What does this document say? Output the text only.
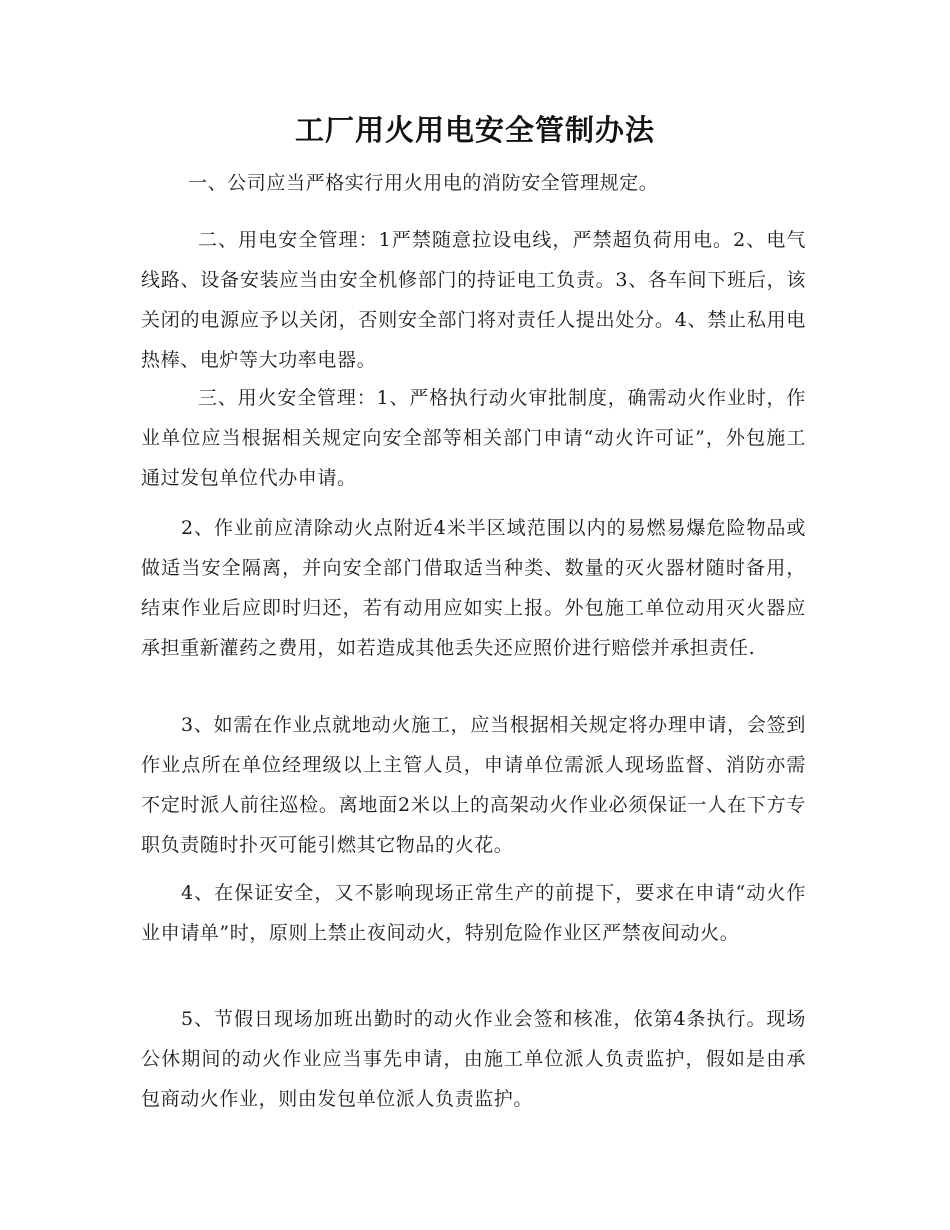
工厂用火用电安全管制办法

一、公司应当严格实行用火用电的消防安全管理规定。

二、用电安全管理：1严禁随意拉设电线，严禁超负荷用电。2、电气线路、设备安装应当由安全机修部门的持证电工负责。3、各车间下班后，该关闭的电源应予以关闭，否则安全部门将对责任人提出处分。4、禁止私用电热棒、电炉等大功率电器。

三、用火安全管理：1、严格执行动火审批制度，确需动火作业时，作业单位应当根据相关规定向安全部等相关部门申请“动火许可证”，外包施工通过发包单位代办申请。

2、作业前应清除动火点附近4米半区域范围以内的易燃易爆危险物品或做适当安全隔离，并向安全部门借取适当种类、数量的灭火器材随时备用，结束作业后应即时归还，若有动用应如实上报。外包施工单位动用灭火器应承担重新灌药之费用，如若造成其他丢失还应照价进行赔偿并承担责任.

3、如需在作业点就地动火施工，应当根据相关规定将办理申请，会签到作业点所在单位经理级以上主管人员，申请单位需派人现场监督、消防亦需不定时派人前往巡检。离地面2米以上的高架动火作业必须保证一人在下方专职负责随时扑灭可能引燃其它物品的火花。

4、在保证安全，又不影响现场正常生产的前提下，要求在申请“动火作业申请单”时，原则上禁止夜间动火，特别危险作业区严禁夜间动火。

5、节假日现场加班出勤时的动火作业会签和核准，依第4条执行。现场公休期间的动火作业应当事先申请，由施工单位派人负责监护，假如是由承包商动火作业，则由发包单位派人负责监护。
